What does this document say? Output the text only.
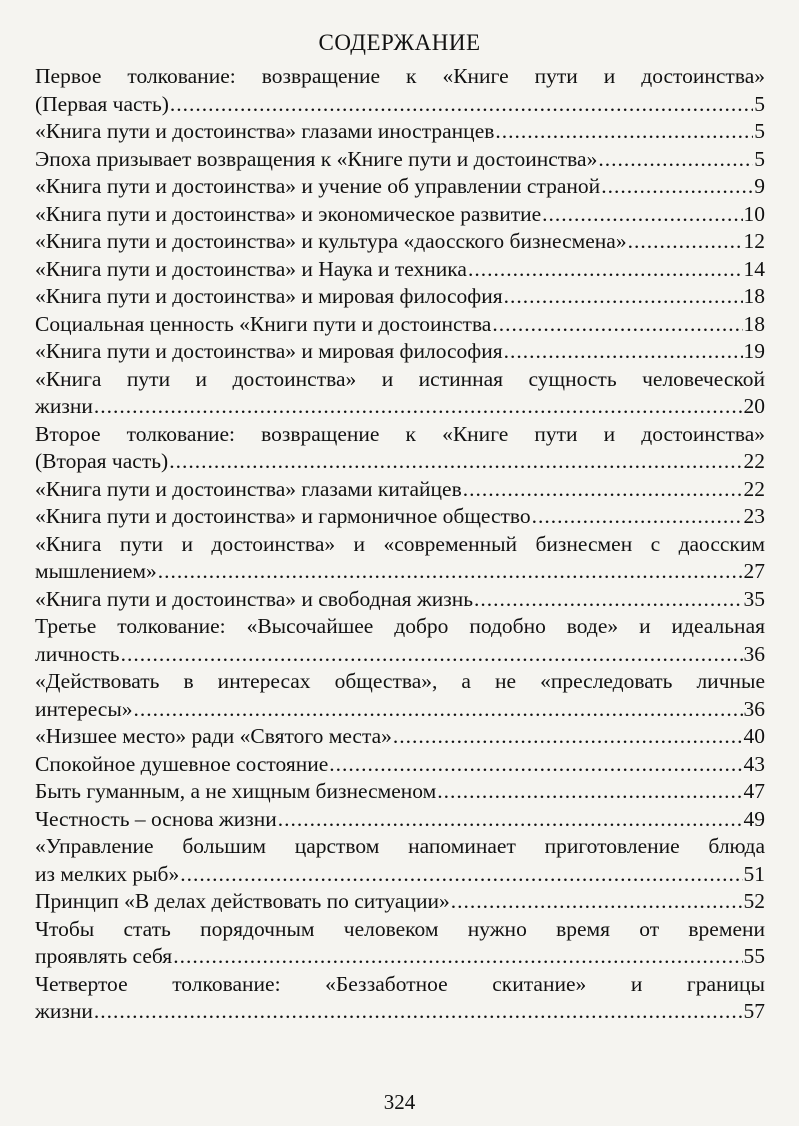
СОДЕРЖАНИЕ
Первое толкование: возвращение к «Книге пути и достоинства»
(Первая часть) .....	5
«Книга пути и достоинства» глазами иностранцев .....	5
Эпоха призывает возвращения к «Книге пути и достоинства» .....	5
«Книга пути и достоинства» и учение об управлении страной .....	9
«Книга пути и достоинства» и экономическое развитие .....	10
«Книга пути и достоинства» и культура «даосского бизнесмена» .....	12
«Книга пути и достоинства» и Наука и техника .....	14
«Книга пути и достоинства» и мировая философия .....	18
Социальная ценность «Книги пути и достоинства .....	18
«Книга пути и достоинства» и мировая философия .....	19
«Книга пути и достоинства» и истинная сущность человеческой
жизни .....	20
Второе толкование: возвращение к «Книге пути и достоинства»
(Вторая часть) .....	22
«Книга пути и достоинства» глазами китайцев .....	22
«Книга пути и достоинства» и гармоничное общество .....	23
«Книга пути и достоинства» и «современный бизнесмен с даосским
мышлением» .....	27
«Книга пути и достоинства» и свободная жизнь .....	35
Третье толкование: «Высочайшее добро подобно воде» и идеальная
личность .....	36
«Действовать в интересах общества», а не «преследовать личные
интересы» .....	36
«Низшее место» ради «Святого места» .....	40
Спокойное душевное состояние .....	43
Быть гуманным, а не хищным бизнесменом .....	47
Честность – основа жизни .....	49
«Управление большим царством напоминает приготовление блюда
из мелких рыб» .....	51
Принцип «В делах действовать по ситуации» .....	52
Чтобы стать порядочным человеком нужно время от времени
проявлять себя .....	55
Четвертое толкование: «Беззаботное скитание» и границы
жизни .....	57
324
